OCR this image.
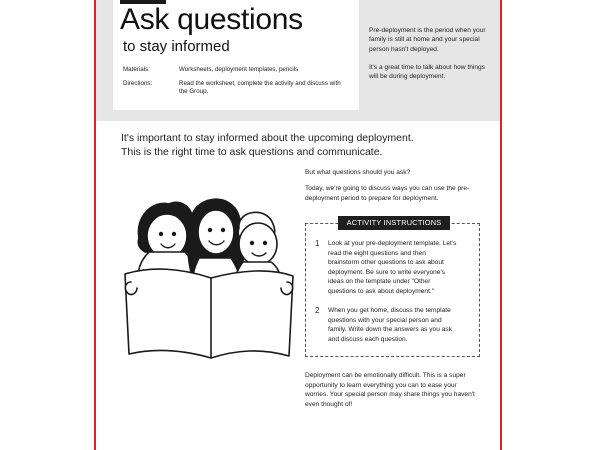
Ask questions
to stay informed
Materials:	Worksheets, deployment templates, pencils
Directions:	Read the worksheet, complete the activity and discuss with the Group.
Pre-deployment is the period when your family is still at home and your special person hasn't deployed.
It's a great time to talk about how things will be during deployment.
It's important to stay informed about the upcoming deployment. This is the right time to ask questions and communicate.
But what questions should you ask?
Today, we're going to discuss ways you can use the pre-deployment period to prepare for deployment.
ACTIVITY INSTRUCTIONS
1 Look at your pre-deployment template. Let's read the eight questions and then brainstorm other questions to ask about deployment. Be sure to write everyone's ideas on the template under "Other questions to ask about deployment."
2 When you get home, discuss the template questions with your special person and family. Write down the answers as you ask and discuss each question.
Deployment can be emotionally difficult. This is a super opportunity to learn everything you can to ease your worries. Your special person may share things you haven't even thought of!
